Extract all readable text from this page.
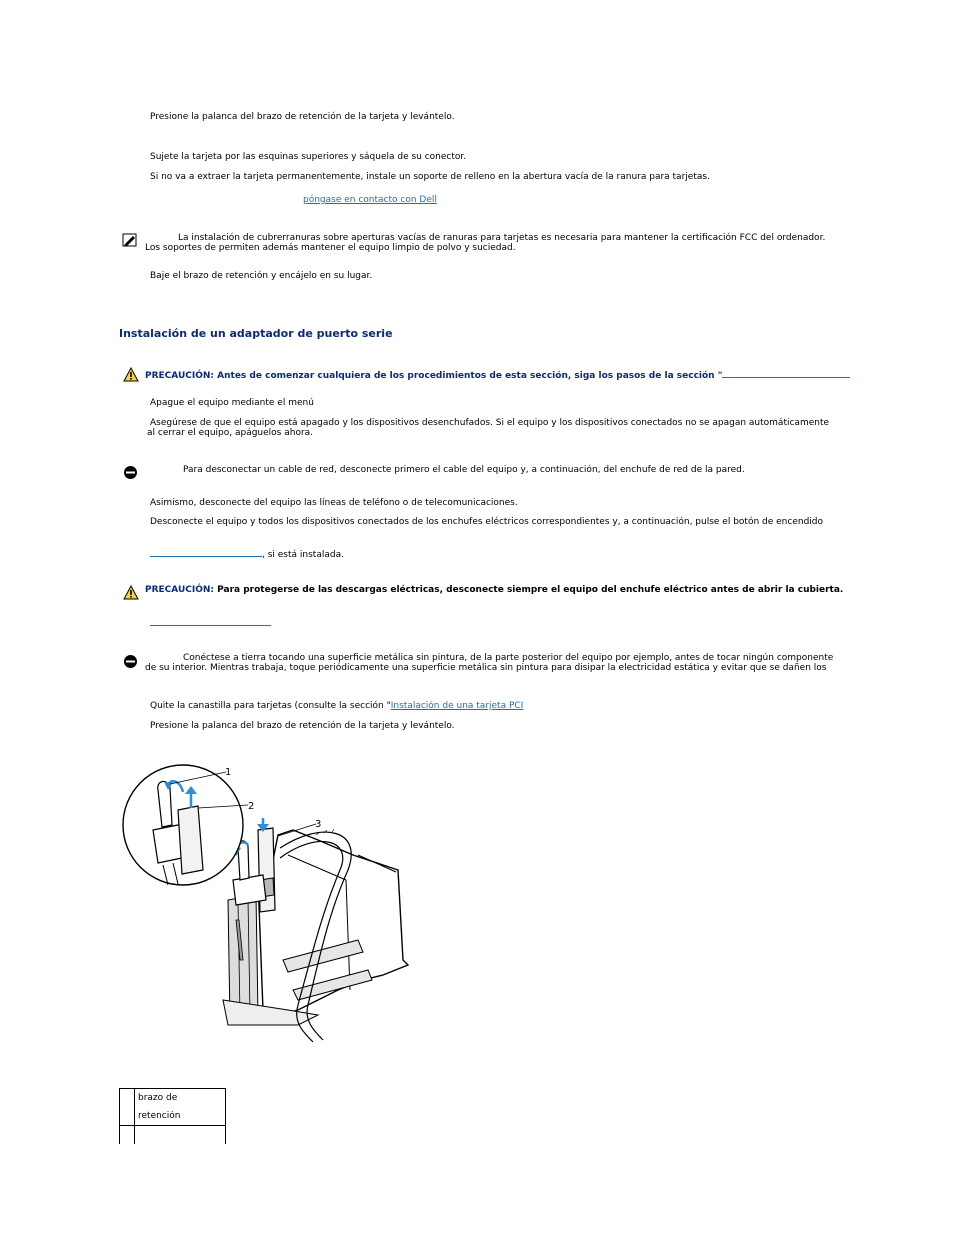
Presione la palanca del brazo de retención de la tarjeta y levántelo.
Sujete la tarjeta por las esquinas superiores y sáquela de su conector.
Si no va a extraer la tarjeta permanentemente, instale un soporte de relleno en la abertura vacía de la ranura para tarjetas.
póngase en contacto con Dell
La instalación de cubrerranuras sobre aperturas vacías de ranuras para tarjetas es necesaria para mantener la certificación FCC del ordenador.
Los soportes de permiten además mantener el equipo limpio de polvo y suciedad.
Baje el brazo de retención y encájelo en su lugar.
Instalación de un adaptador de puerto serie
PRECAUCIÓN: Antes de comenzar cualquiera de los procedimientos de esta sección, siga los pasos de la sección "
Apague el equipo mediante el menú
Asegúrese de que el equipo está apagado y los dispositivos desenchufados. Si el equipo y los dispositivos conectados no se apagan automáticamente
al cerrar el equipo, apáguelos ahora.
Para desconectar un cable de red, desconecte primero el cable del equipo y, a continuación, del enchufe de red de la pared.
Asimismo, desconecte del equipo las líneas de teléfono o de telecomunicaciones.
Desconecte el equipo y todos los dispositivos conectados de los enchufes eléctricos correspondientes y, a continuación, pulse el botón de encendido
, si está instalada.
PRECAUCIÓN: Para protegerse de las descargas eléctricas, desconecte siempre el equipo del enchufe eléctrico antes de abrir la cubierta.
Conéctese a tierra tocando una superficie metálica sin pintura, de la parte posterior del equipo por ejemplo, antes de tocar ningún componente
de su interior. Mientras trabaja, toque periódicamente una superficie metálica sin pintura para disipar la electricidad estática y evitar que se dañen los
Quite la canastilla para tarjetas (consulte la sección "Instalación de una tarjeta PCI
Presione la palanca del brazo de retención de la tarjeta y levántelo.
1
2
3
	brazo de retención
